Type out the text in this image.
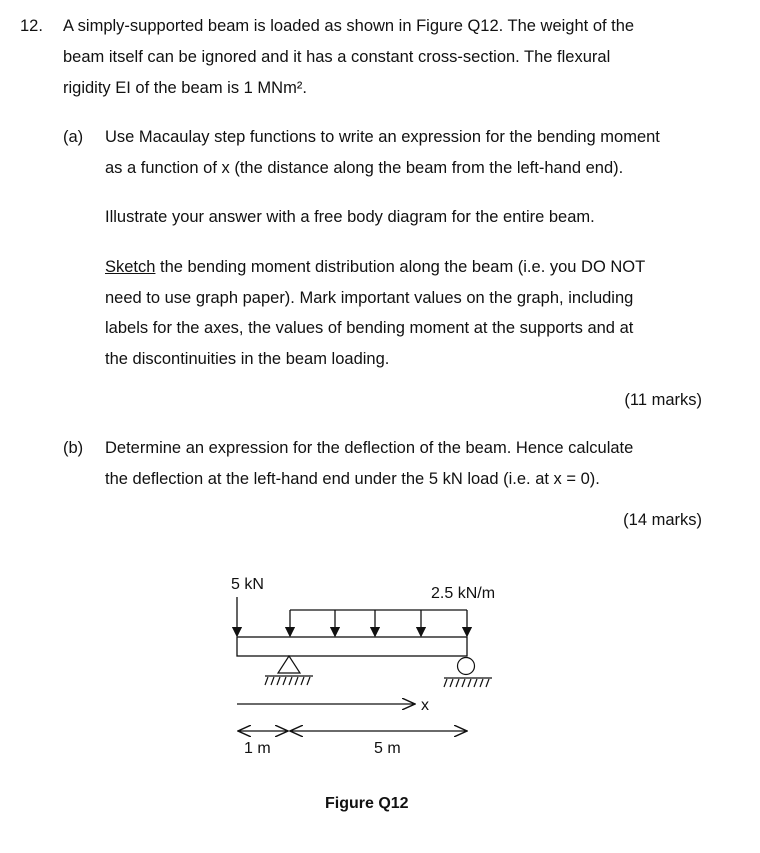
12. A simply-supported beam is loaded as shown in Figure Q12. The weight of the
beam itself can be ignored and it has a constant cross-section. The flexural
rigidity EI of the beam is 1 MNm².
(a) Use Macaulay step functions to write an expression for the bending moment
as a function of x (the distance along the beam from the left-hand end).
Illustrate your answer with a free body diagram for the entire beam.
Sketch the bending moment distribution along the beam (i.e. you DO NOT
need to use graph paper). Mark important values on the graph, including
labels for the axes, the values of bending moment at the supports and at
the discontinuities in the beam loading.
(11 marks)
(b) Determine an expression for the deflection of the beam. Hence calculate
the deflection at the left-hand end under the 5 kN load (i.e. at x = 0).
(14 marks)
5 kN
2.5 kN/m
x
1 m	5 m
Figure Q12
